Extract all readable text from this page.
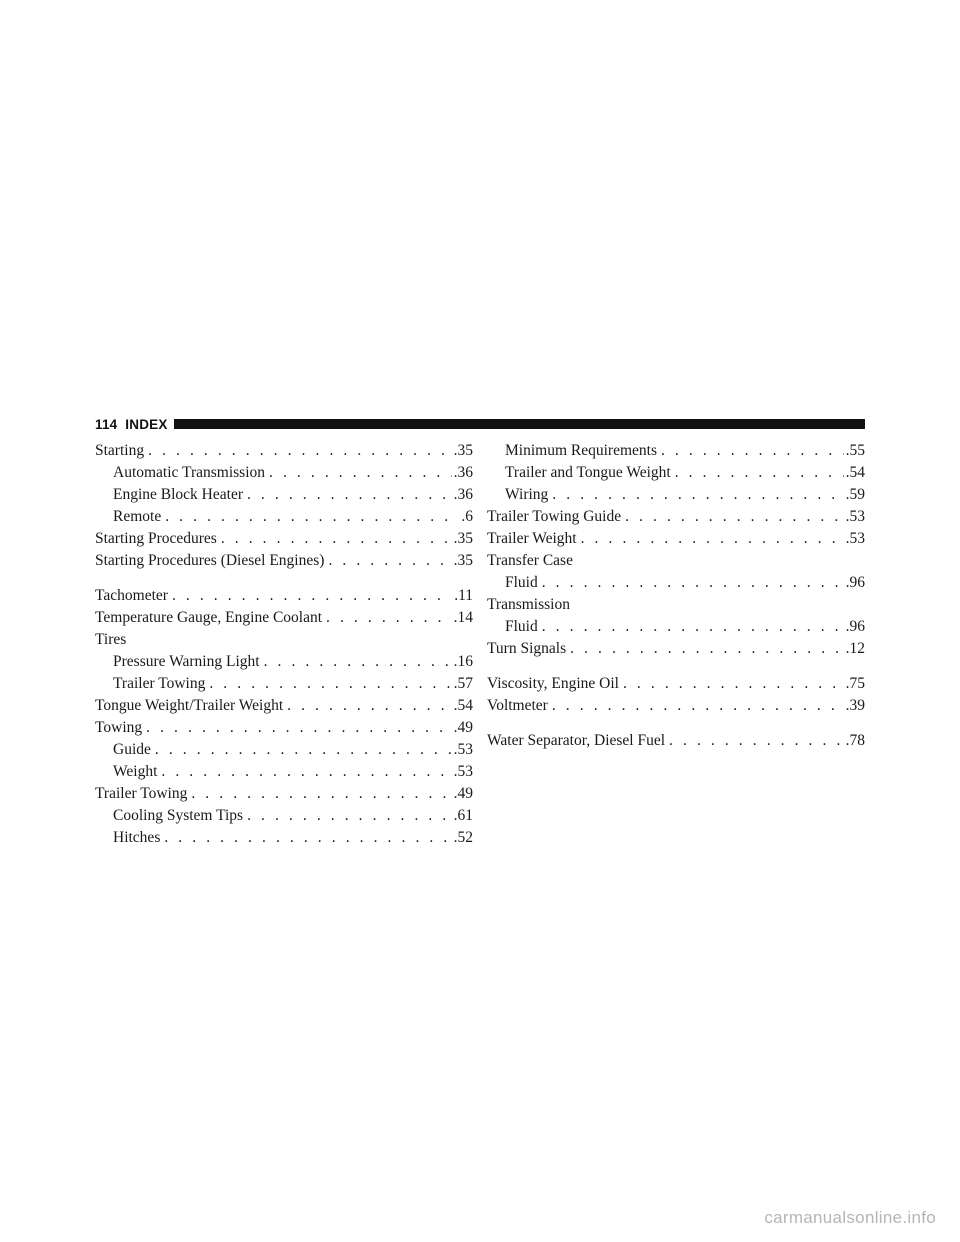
114 INDEX
Starting . . .	.35
Automatic Transmission . . .	.36
Engine Block Heater . . .	.36
Remote . . .	.6
Starting Procedures . . .	.35
Starting Procedures (Diesel Engines) . . .	.35
Tachometer . . .	.11
Temperature Gauge, Engine Coolant . . .	.14
Tires
Pressure Warning Light . . .	.16
Trailer Towing . . .	.57
Tongue Weight/Trailer Weight . . .	.54
Towing . . .	.49
Guide . . .	.53
Weight . . .	.53
Trailer Towing . . .	.49
Cooling System Tips . . .	.61
Hitches . . .	.52
Minimum Requirements . . .	.55
Trailer and Tongue Weight . . .	.54
Wiring . . .	.59
Trailer Towing Guide . . .	.53
Trailer Weight . . .	.53
Transfer Case
Fluid . . .	.96
Transmission
Fluid . . .	.96
Turn Signals . . .	.12
Viscosity, Engine Oil . . .	.75
Voltmeter . . .	.39
Water Separator, Diesel Fuel . . .	.78
carmanualsonline.info
